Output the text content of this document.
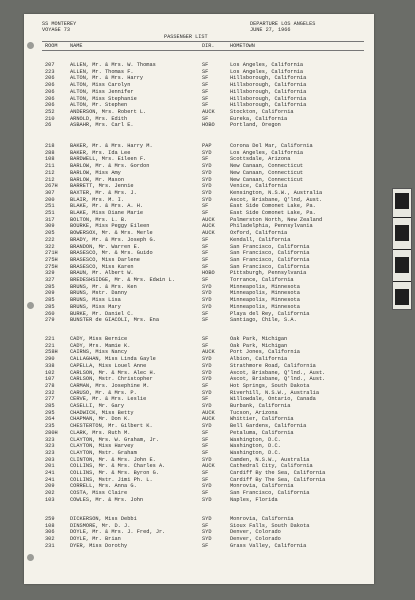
SS MONTEREY
VOYAGE 73
PASSENGER LIST
DEPARTURE LOS ANGELES
JUNE 27, 1966
ROOM NAME	DIR.	HOMETOWN
207	ALLEN, Mr. & Mrs. W. Thomas	SF	Los Angeles, California
223	ALLEN, Mr. Thomas F.	SF	Los Angeles, California
206	ALTON, Mr. & Mrs. Harry	SF	Hillsborough, California
206	ALTON, Miss Carolyn	SF	Hillsborough, California
206	ALTON, Miss Jennifer	SF	Hillsborough, California
206	ALTON, Miss Stephanie	SF	Hillsborough, California
206	ALTON, Mr. Stephen	SF	Hillsborough, California
252	ANDERSON, Mrs. Robert L.	AUCK	Stockton, California
210	ARNOLD, Mrs. Edith	SF	Eureka, California
26	ASBAHR, Mrs. Carl E.	HOBO	Portland, Oregon
218	BAKER, Mr. & Mrs. Harry M.	PAP	Corona Del Mar, California
288	BAKER, Mrs. Ida Lee	SYD	Los Angeles, California
108	BARDWELL, Mrs. Eileen F.	SF	Scottsdale, Arizona
211	BARLOW, Mr. & Mrs. Gordon	SYD	New Canaan, Connecticut
212	BARLOW, Miss Amy	SYD	New Canaan, Connecticut
212	BARLOW, Mr. Mason	SYD	New Canaan, Connecticut
267H BARRETT, Mrs. Jennie	SYD	Venice, California
307	BAXTER, Mr. & Mrs. J.	SYD	Kensington, N.S.W., Australia
200	BLAIR, Mrs. M. I.	SYD	Ascot, Brisbane, Q'lnd, Aust.
251	BLAKE, Mr. & Mrs. A. H.	SF	East Side Comonet Lake, Pa.
251	BLAKE, Miss Diane Marie	SF	East Side Comonet Lake, Pa.
317	BOLTON, Mrs. L. B.	AUCK	Palmerston North, New Zealand
309	BOURKE, Miss Peggy Eileen	AUCK	Philadelphia, Pennsylvania
205	BOWERSOX, Mr. & Mrs. Merle	AUCK	Oxford, California
222	BRADY, Mr. & Mrs. Joseph G.	SF	Kendall, California
322	BRANDON, Mr. Warren E.	SF	San Francisco, California
271H BRASESCO, Mr. & Mrs. Guido	SF	San Francisco, California
275H BRASESCO, Miss Darlene	SF	San Francisco, California
275H BRASESCO, Miss Karen	SF	San Francisco, California
329	BRAUN, Mr. Albert W.	HOBO	Pittsburgh, Pennsylvania
327	BREDESHSIDGE, Mr. & Mrs. Edwin L.	SF	Torrance, California
285	BRUNS, Mr. & Mrs. Ken	SYD	Minneapolis, Minnesota
209	BRUNS, Mstr. Danny	SYD	Minneapolis, Minnesota
285	BRUNS, Miss Lisa	SYD	Minneapolis, Minnesota
285	BRUNS, Miss Mary	SYD	Minneapolis, Minnesota
260	BURKE, Mr. Daniel C.	SF	Playa del Rey, California
279	BUNSTER de GIACOLI, Mrs. Ena	SF	Santiago, Chile, S.A.
221	CADY, Miss Bernice	SF	Oak Park, Michigan
221	CADY, Mrs. Mamie K.	SF	Oak Park, Michigan
258H CAIRNS, Miss Nancy	AUCK	Port Jones, California
290	CALLAGHAN, Miss Linda Gayle	SYD	Albion, California
338	CAPELLA, Miss Louel Anne	SYD	Strathmore Road, California
102	CARLSON, Mr. & Mrs. Alec H.	SYD	Ascot, Brisbane, Q'lnd., Aust.
107	CARLSON, Mstr. Christopher	SYD	Ascot, Brisbane, Q'lnd., Aust.
278	CARMAN, Mrs. Josephine M.	SF	Hot Springs, South Dakota
232	CARUSO, Mr. & Mrs. P.	SYD	Riverhill, N.S.W., Australia
277	CERVE, Mr. & Mrs. Leslie	SF	Willowdale, Ontario, Canada
285	CASELLI, Mr. Gary	SYD	Burbank, California
295	CHADWICK, Miss Betty	AUCK	Tucson, Arizona
264	CHAPMAN, Mr. Don K.	AUCK	Whittier, California
235	CHESTERTON, Mr. Gilbert K.	SYD	Bell Gardens, California
280H CLARK, Mrs. Ruth M.	SF	Petaluma, California
323	CLAYTON, Mrs. W. Graham, Jr.	SF	Washington, D.C.
323	CLAYTON, Miss Harvey	SF	Washington, D.C.
323	CLAYTON, Mstr. Graham	SF	Washington, D.C.
203	CLINTON, Mr. & Mrs. John E.	SYD	Camden, N.S.W., Australia
201	COLLINS, Mr. & Mrs. Charles A.	AUCK	Cathedral City, California
241	COLLINS, Mr. & Mrs. Byron G.	SF	Cardiff By the Sea, California
241	COLLINS, Mstr. Jimi Ph. L.	SF	Cardiff By The Sea, California
209	CORRELL, Mrs. Anna G.	SYD	Monrovia, California
202	COSTA, Miss Claire	SF	San Francisco, California
103	COWLES, Mr. & Mrs. John	SYD	Naples, Florida
259	DICKERSON, Miss Debbi	SYD	Monrovia, California
108	DINSMORE, Mr. D. J.	SF	Sioux Falls, South Dakota
306	DOYLE, Mr. & Mrs. J. Fred, Jr.	SYD	Denver, Colorado
302	DOYLE, Mr. Brian	SYD	Denver, Colorado
231	DYER, Miss Dorothy	SF	Grass Valley, California
